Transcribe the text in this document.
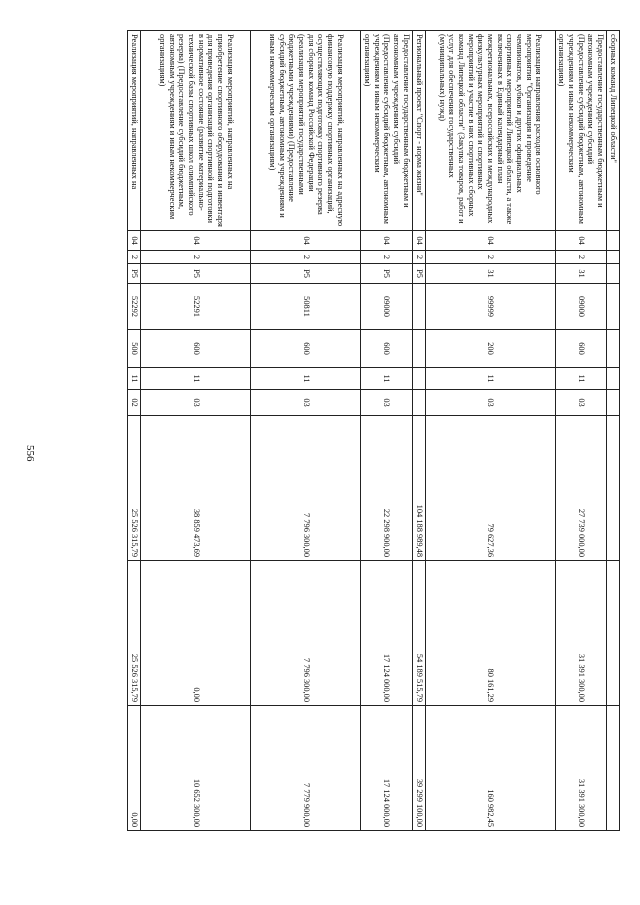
556
сборных команд Липецкой области"										
Предоставление государственным бюджетным и автономным учреждениям субсидий (Предоставление субсидий бюджетным, автономным учреждениям и иным некоммерческим организациям)	04	2	31	09000	600	11	03	27 739 000,00	31 391 300,00	31 391 300,00
Реализация направления расходов основного мероприятия "Организация и проведение чемпионатов, кубков и других официальных спортивных мероприятий Липецкой области, а также включенных в Единый календарный план межрегиональных, всероссийских и международных физкультурных мероприятий и спортивных мероприятий и участие в них спортивных сборных команд Липецкой области" (Закупка товаров, работ и услуг для обеспечения государственных (муниципальных) нужд)	04	2	31	99999	200	11	03	79 627,36	80 161,29	160 982,45
Региональный проект "Спорт - норма жизни"	04	2	P5					104 188 989,48	54 189 515,79	39 299 100,00
Предоставление государственным бюджетным и автономным учреждениям субсидий (Предоставление субсидий бюджетным, автономным учреждениям и иным некоммерческим организациям)	04	2	P5	09000	600	11	03	22 298 900,00	17 124 000,00	17 124 000,00
Реализация мероприятий, направленных на адресную финансовую поддержку спортивных организаций, осуществляющих подготовку спортивного резерва для сборных команд Российской Федерации (реализация мероприятий государственными бюджетными учреждениями) (Предоставление субсидий бюджетным, автономным учреждениям и иным некоммерческим организациям)	04	2	P5	50811	600	11	03	7 796 300,00	7 796 300,00	7 779 900,00
Реализация мероприятий, направленных на приобретение спортивного оборудования и инвентаря для приведения организаций спортивной подготовки в нормативное состояние (развитие материально-технической базы спортивных школ олимпийского резерва) (Предоставление субсидий бюджетным, автономным учреждениям и иным некоммерческим организациям)	04	2	P5	52291	600	11	03	38 859 473,69	0,00	10 652 300,00
Реализация мероприятий, направленных на	04	2	P5	52292	500	11	02	25 526 315,79	25 526 315,79	0,00
